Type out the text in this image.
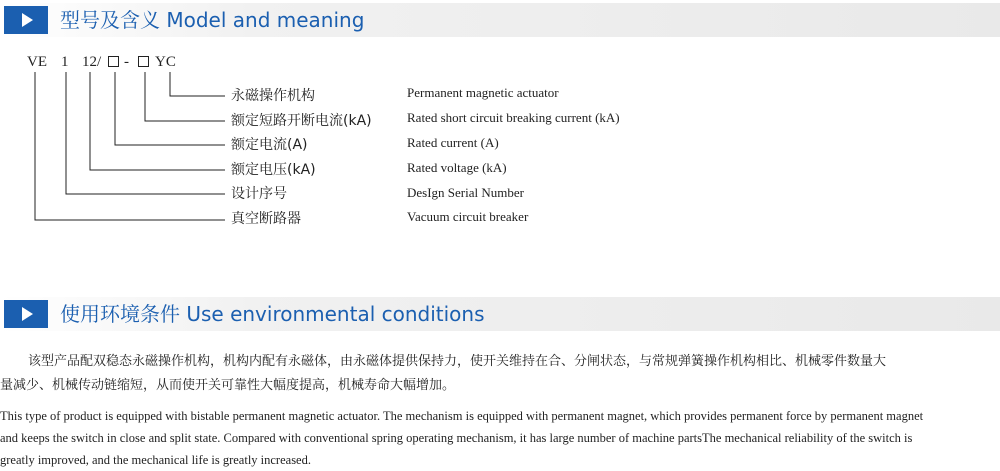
型号及含义 Model and meaning
VE 1 12/ - YC
永磁操作机构	Permanent magnetic actuator
额定短路开断电流(kA)	Rated short circuit breaking current (kA)
额定电流(A)	Rated current (A)
额定电压(kA)	Rated voltage (kA)
设计序号	DesIgn Serial Number
真空断路器	Vacuum circuit breaker
使用环境条件 Use environmental conditions
该型产品配双稳态永磁操作机构，机构内配有永磁体，由永磁体提供保持力，使开关维持在合、分闸状态，与常规弹簧操作机构相比、机械零件数量大
量减少、机械传动链缩短，从而使开关可靠性大幅度提高，机械寿命大幅增加。
This type of product is equipped with bistable permanent magnetic actuator. The mechanism is equipped with permanent magnet, which provides permanent force by permanent magnet
and keeps the switch in close and split state. Compared with conventional spring operating mechanism, it has large number of machine partsThe mechanical reliability of the switch is
greatly improved, and the mechanical life is greatly increased.
